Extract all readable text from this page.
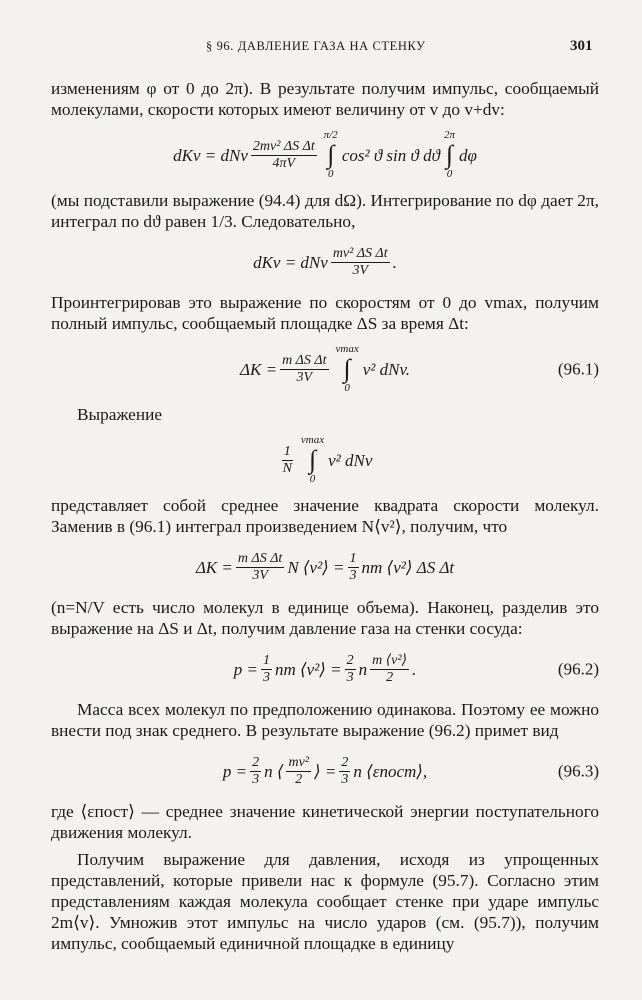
§ 96. ДАВЛЕНИЕ ГАЗА НА СТЕНКУ	301

изменениям φ от 0 до 2π). В результате получим импульс, сообщаемый молекулами, скорости которых имеют величину от v до v+dv:

dKv = dNv $\frac{\text{2mv² ΔS Δt}}{4\pi V}$
π/2
∫
0
cos² ϑ sin ϑ dϑ
2π
∫
0
dφ

(мы подставили выражение (94.4) для dΩ). Интегрирование по dφ дает 2π, интеграл по dϑ равен 1/3. Следовательно,

dKv = dNv $\frac{\text{mv² ΔS Δt}}{3V}$ .

Проинтегрировав это выражение по скоростям от 0 до vmax, получим полный импульс, сообщаемый площадке ΔS за время Δt:

$\Delta K = \frac{\text{m ΔS Δt}}{3V}$
vmax
∫
0
v² dNv.	(96.1)

Выражение

$\frac{1}{N}$
vmax
∫
0
v² dNv

представляет собой среднее значение квадрата скорости молекул. Заменив в (96.1) интеграл произведением N⟨v²⟩, получим, что

$\Delta K = \frac{\text{m ΔS Δt}}{3V}$ N ⟨v²⟩ = $\frac{1}{3}$ nm ⟨v²⟩ ΔS Δt

(n=N/V есть число молекул в единице объема). Наконец, разделив это выражение на ΔS и Δt, получим давление газа на стенки сосуда:

$p = \frac{1}{3}$ nm ⟨v²⟩ = $\frac{2}{3}$ n $\frac{\text{m ⟨v²⟩}}{2}$ .	(96.2)

Масса всех молекул по предположению одинакова. Поэтому ее можно внести под знак среднего. В результате выражение (96.2) примет вид

$p = \frac{2}{3}$ n ⟨ $\frac{\text{mv²}}{2}$ ⟩ = $\frac{2}{3}$ n ⟨εпост⟩,	(96.3)

где ⟨εпост⟩ — среднее значение кинетической энергии поступательного движения молекул.

Получим выражение для давления, исходя из упрощенных представлений, которые привели нас к формуле (95.7). Согласно этим представлениям каждая молекула сообщает стенке при ударе импульс 2m⟨v⟩. Умножив этот импульс на число ударов (см. (95.7)), получим импульс, сообщаемый единичной площадке в единицу
